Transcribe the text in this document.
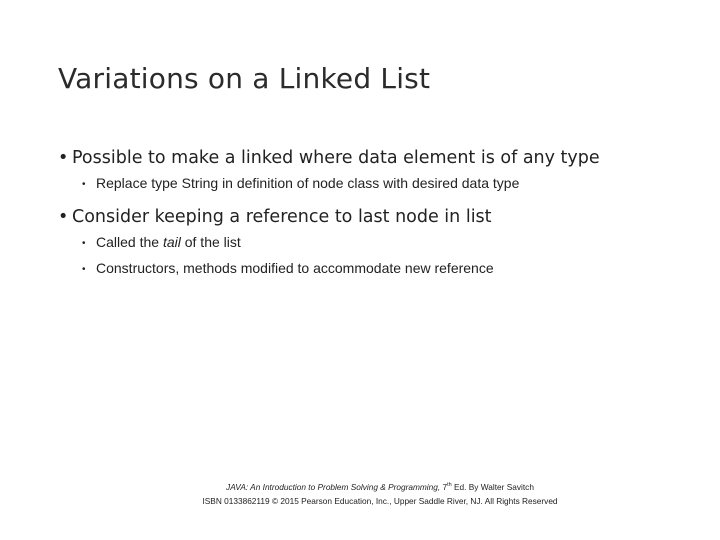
Variations on a Linked List
• Possible to make a linked where data element is of any type
• Replace type String in definition of node class with desired data type
• Consider keeping a reference to last node in list
• Called the tail of the list
• Constructors, methods modified to accommodate new reference
JAVA: An Introduction to Problem Solving & Programming, 7th Ed. By Walter Savitch
ISBN 0133862119 © 2015 Pearson Education, Inc., Upper Saddle River, NJ. All Rights Reserved
